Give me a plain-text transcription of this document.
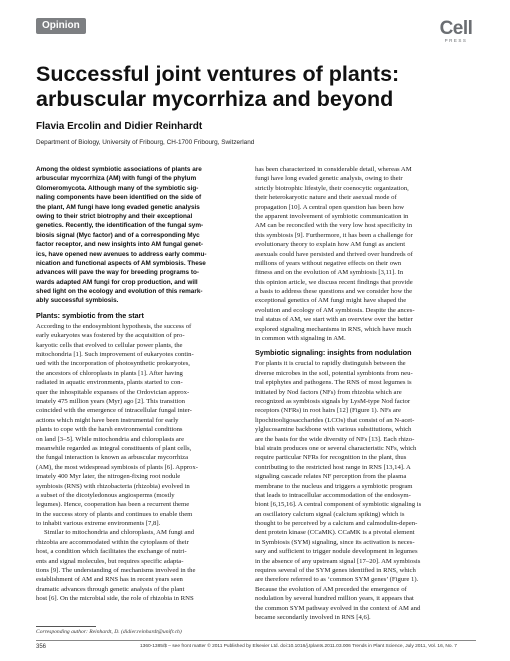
Opinion	Cell
PRESS
Successful joint ventures of plants:
arbuscular mycorrhiza and beyond
Flavia Ercolin and Didier Reinhardt
Department of Biology, University of Fribourg, CH-1700 Fribourg, Switzerland
Among the oldest symbiotic associations of plants are
arbuscular mycorrhiza (AM) with fungi of the phylum
Glomeromycota. Although many of the symbiotic sig-
naling components have been identified on the side of
the plant, AM fungi have long evaded genetic analysis
owing to their strict biotrophy and their exceptional
genetics. Recently, the identification of the fungal sym-
biosis signal (Myc factor) and of a corresponding Myc
factor receptor, and new insights into AM fungal genet-
ics, have opened new avenues to address early commu-
nication and functional aspects of AM symbiosis. These
advances will pave the way for breeding programs to-
wards adapted AM fungi for crop production, and will
shed light on the ecology and evolution of this remark-
ably successful symbiosis.
Plants: symbiotic from the start
According to the endosymbiont hypothesis, the success of
early eukaryotes was fostered by the acquisition of pro-
karyotic cells that evolved to cellular power plants, the
mitochondria [1]. Such improvement of eukaryotes contin-
ued with the incorporation of photosynthetic prokaryotes,
the ancestors of chloroplasts in plants [1]. After having
radiated in aquatic environments, plants started to con-
quer the inhospitable expanses of the Ordovician approx-
imately 475 million years (Myr) ago [2]. This transition
coincided with the emergence of intracellular fungal inter-
actions which might have been instrumental for early
plants to cope with the harsh environmental conditions
on land [3–5]. While mitochondria and chloroplasts are
meanwhile regarded as integral constituents of plant cells,
the fungal interaction is known as arbuscular mycorrhiza
(AM), the most widespread symbiosis of plants [6]. Approx-
imately 400 Myr later, the nitrogen-fixing root nodule
symbiosis (RNS) with rhizobacteria (rhizobia) evolved in
a subset of the dicotyledonous angiosperms (mostly
legumes). Hence, cooperation has been a recurrent theme
in the success story of plants and continues to enable them
to inhabit various extreme environments [7,8].
Similar to mitochondria and chloroplasts, AM fungi and
rhizobia are accommodated within the cytoplasm of their
host, a condition which facilitates the exchange of nutri-
ents and signal molecules, but requires specific adapta-
tions [9]. The understanding of mechanisms involved in the
establishment of AM and RNS has in recent years seen
dramatic advances through genetic analysis of the plant
host [6]. On the microbial side, the role of rhizobia in RNS
has been characterized in considerable detail, whereas AM
fungi have long evaded genetic analysis, owing to their
strictly biotrophic lifestyle, their coenocytic organization,
their heterokaryotic nature and their asexual mode of
propagation [10]. A central open question has been how
the apparent involvement of symbiotic communication in
AM can be reconciled with the very low host specificity in
this symbiosis [9]. Furthermore, it has been a challenge for
evolutionary theory to explain how AM fungi as ancient
asexuals could have persisted and thrived over hundreds of
millions of years without negative effects on their own
fitness and on the evolution of AM symbiosis [3,11]. In
this opinion article, we discuss recent findings that provide
a basis to address these questions and we consider how the
exceptional genetics of AM fungi might have shaped the
evolution and ecology of AM symbiosis. Despite the ances-
tral status of AM, we start with an overview over the better
explored signaling mechanisms in RNS, which have much
in common with signaling in AM.
Symbiotic signaling: insights from nodulation
For plants it is crucial to rapidly distinguish between the
diverse microbes in the soil, potential symbionts from neu-
tral epiphytes and pathogens. The RNS of most legumes is
initiated by Nod factors (NFs) from rhizobia which are
recognized as symbiosis signals by LysM-type Nod factor
receptors (NFRs) in root hairs [12] (Figure 1). NFs are
lipochitooligosaccharides (LCOs) that consist of an N-acet-
ylglucosamine backbone with various substitutions, which
are the basis for the wide diversity of NFs [13]. Each rhizo-
bial strain produces one or several characteristic NFs, which
require particular NFRs for recognition in the plant, thus
contributing to the restricted host range in RNS [13,14]. A
signaling cascade relates NF perception from the plasma
membrane to the nucleus and triggers a symbiotic program
that leads to intracellular accommodation of the endosym-
biont [6,15,16]. A central component of symbiotic signaling is
an oscillatory calcium signal (calcium spiking) which is
thought to be perceived by a calcium and calmodulin-depen-
dent protein kinase (CCaMK). CCaMK is a pivotal element
in Symbiosis (SYM) signaling, since its activation is neces-
sary and sufficient to trigger nodule development in legumes
in the absence of any upstream signal [17–20]. AM symbiosis
requires several of the SYM genes identified in RNS, which
are therefore referred to as ‘common SYM genes’ (Figure 1).
Because the evolution of AM preceded the emergence of
nodulation by several hundred million years, it appears that
the common SYM pathway evolved in the context of AM and
became secondarily involved in RNS [4,6].
Corresponding author: Reinhardt, D. (didier.reinhardt@unifr.ch)
356	1360-1385/$ – see front matter © 2011 Published by Elsevier Ltd. doi:10.1016/j.tplants.2011.03.006 Trends in Plant Science, July 2011, Vol. 16, No. 7
